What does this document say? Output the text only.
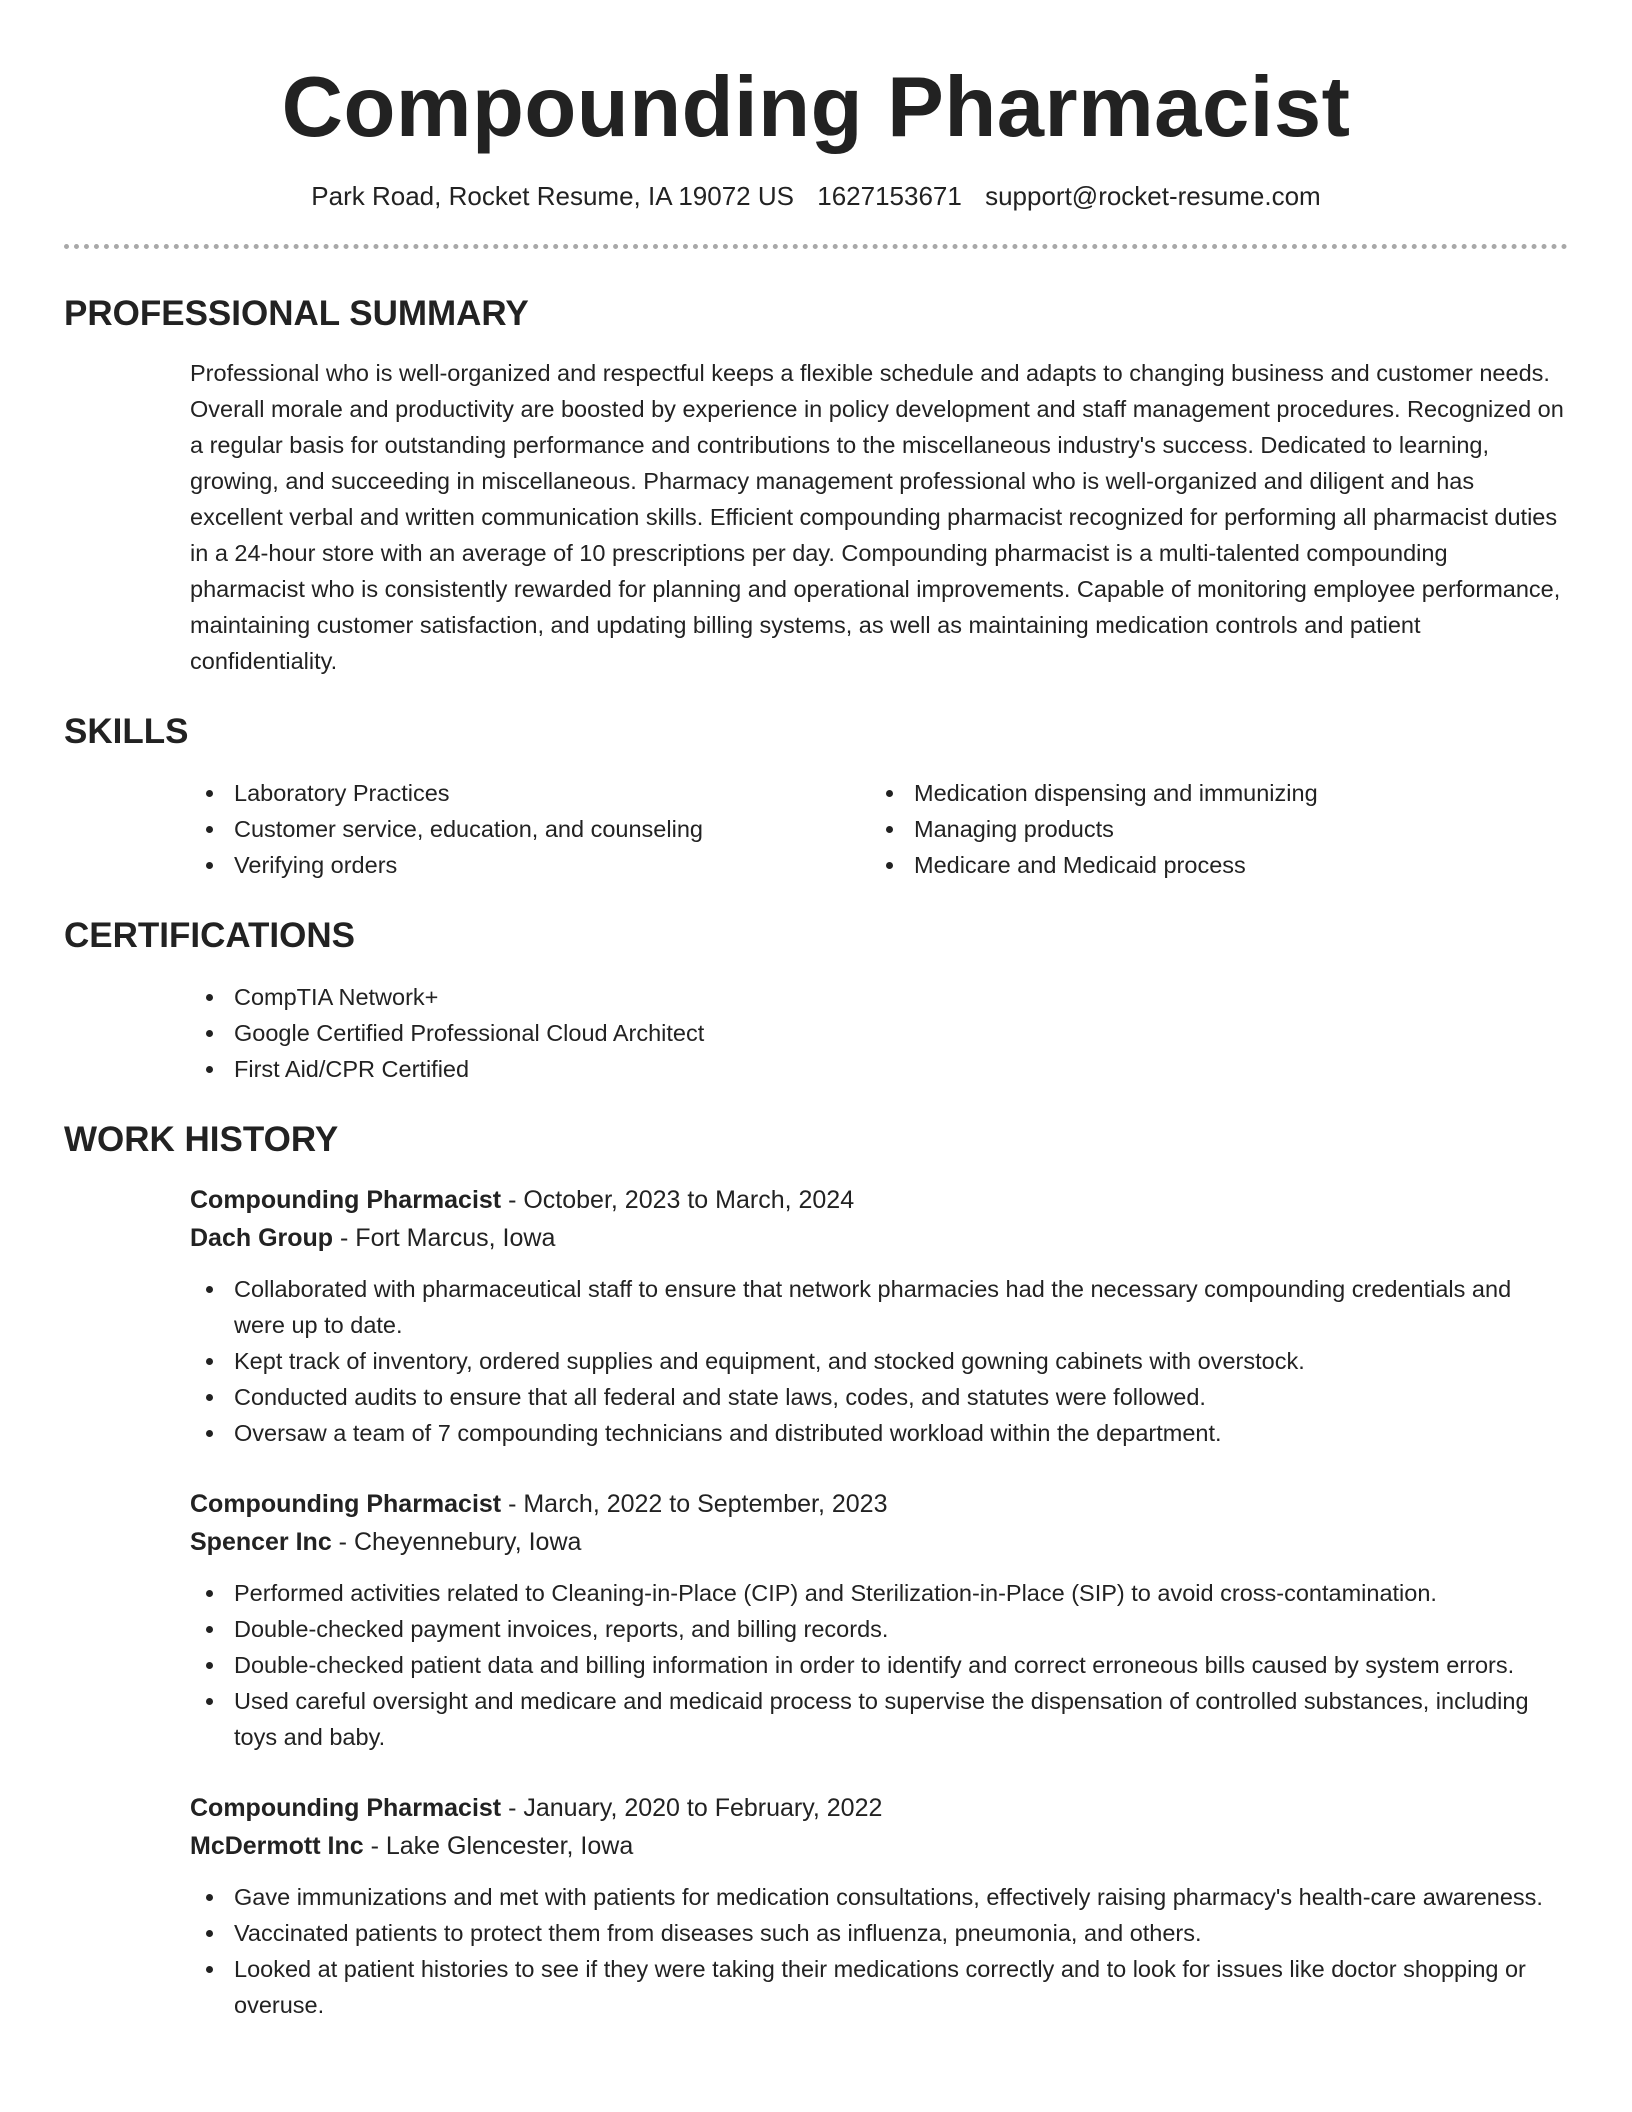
Compounding Pharmacist
Park Road, Rocket Resume, IA 19072 US 1627153671 support@rocket-resume.com
PROFESSIONAL SUMMARY

Professional who is well-organized and respectful keeps a flexible schedule and adapts to changing business and customer needs. Overall morale and productivity are boosted by experience in policy development and staff management procedures. Recognized on a regular basis for outstanding performance and contributions to the miscellaneous industry's success. Dedicated to learning, growing, and succeeding in miscellaneous. Pharmacy management professional who is well-organized and diligent and has excellent verbal and written communication skills. Efficient compounding pharmacist recognized for performing all pharmacist duties in a 24-hour store with an average of 10 prescriptions per day. Compounding pharmacist is a multi-talented compounding pharmacist who is consistently rewarded for planning and operational improvements. Capable of monitoring employee performance, maintaining customer satisfaction, and updating billing systems, as well as maintaining medication controls and patient confidentiality.

SKILLS
Laboratory Practices
Customer service, education, and counseling
Verifying orders
Medication dispensing and immunizing
Managing products
Medicare and Medicaid process
CERTIFICATIONS
CompTIA Network+
Google Certified Professional Cloud Architect
First Aid/CPR Certified
WORK HISTORY
Compounding Pharmacist - October, 2023 to March, 2024
Dach Group - Fort Marcus, Iowa
Collaborated with pharmaceutical staff to ensure that network pharmacies had the necessary compounding credentials and were up to date.
Kept track of inventory, ordered supplies and equipment, and stocked gowning cabinets with overstock.
Conducted audits to ensure that all federal and state laws, codes, and statutes were followed.
Oversaw a team of 7 compounding technicians and distributed workload within the department.
Compounding Pharmacist - March, 2022 to September, 2023
Spencer Inc - Cheyennebury, Iowa
Performed activities related to Cleaning-in-Place (CIP) and Sterilization-in-Place (SIP) to avoid cross-contamination.
Double-checked payment invoices, reports, and billing records.
Double-checked patient data and billing information in order to identify and correct erroneous bills caused by system errors.
Used careful oversight and medicare and medicaid process to supervise the dispensation of controlled substances, including toys and baby.
Compounding Pharmacist - January, 2020 to February, 2022
McDermott Inc - Lake Glencester, Iowa
Gave immunizations and met with patients for medication consultations, effectively raising pharmacy's health-care awareness.
Vaccinated patients to protect them from diseases such as influenza, pneumonia, and others.
Looked at patient histories to see if they were taking their medications correctly and to look for issues like doctor shopping or overuse.
